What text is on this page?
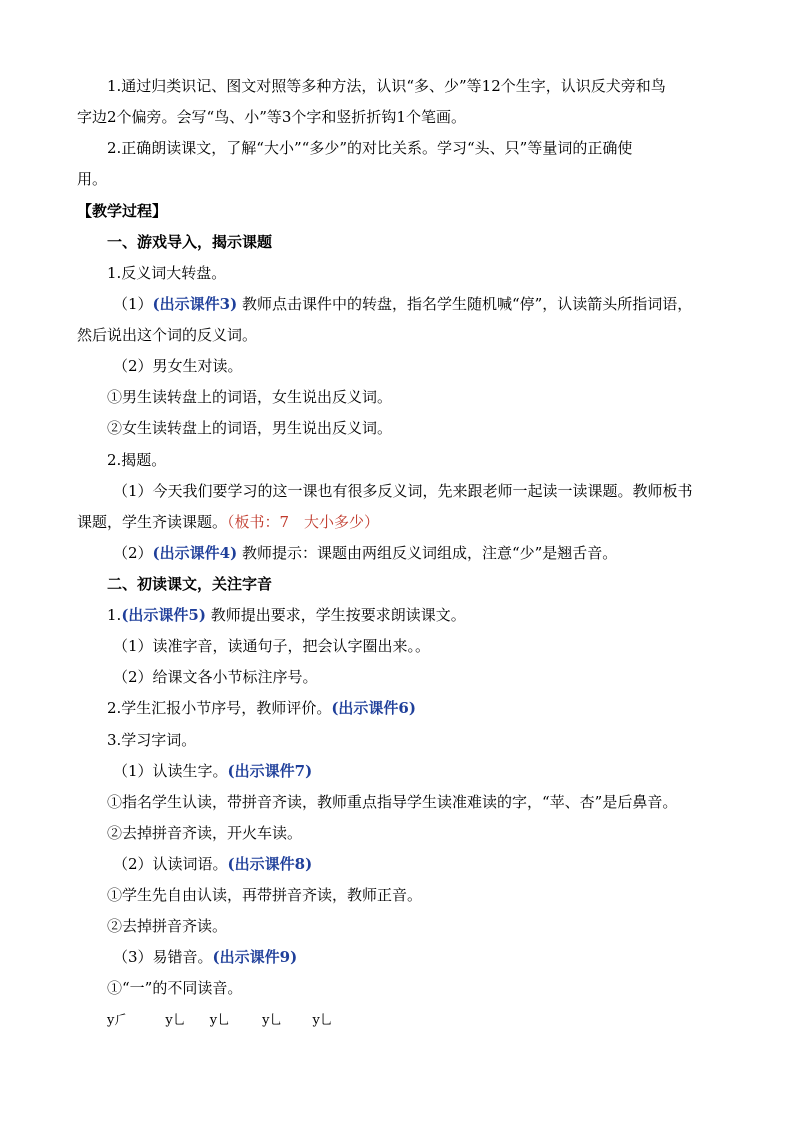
1.通过归类识记、图文对照等多种方法，认识“多、少”等12个生字，认识反犬旁和鸟
字边2个偏旁。会写“鸟、小”等3个字和竖折折钩1个笔画。
2.正确朗读课文，了解“大小”“多少”的对比关系。学习“头、只”等量词的正确使
用。
【教学过程】
一、游戏导入，揭示课题
1.反义词大转盘。
（1）(出示课件3) 教师点击课件中的转盘，指名学生随机喊“停”，认读箭头所指词语，
然后说出这个词的反义词。
（2）男女生对读。
①男生读转盘上的词语，女生说出反义词。
②女生读转盘上的词语，男生说出反义词。
2.揭题。
（1）今天我们要学习的这一课也有很多反义词，先来跟老师一起读一读课题。教师板书
课题，学生齐读课题。（板书：7　大小多少）
（2）(出示课件4) 教师提示：课题由两组反义词组成，注意“少”是翘舌音。
二、初读课文，关注字音
1.(出示课件5) 教师提出要求，学生按要求朗读课文。
（1）读准字音，读通句子，把会认字圈出来。。
（2）给课文各小节标注序号。
2.学生汇报小节序号，教师评价。(出示课件6)
3.学习字词。
（1）认读生字。(出示课件7)
①指名学生认读，带拼音齐读，教师重点指导学生读准难读的字，“苹、杏”是后鼻音。
②去掉拼音齐读，开火车读。
（2）认读词语。(出示课件8)
①学生先自由认读，再带拼音齐读，教师正音。
②去掉拼音齐读。
（3）易错音。(出示课件9)
①“一”的不同读音。
y⺁	y⺃ y⺃ y⺃ y⺃
